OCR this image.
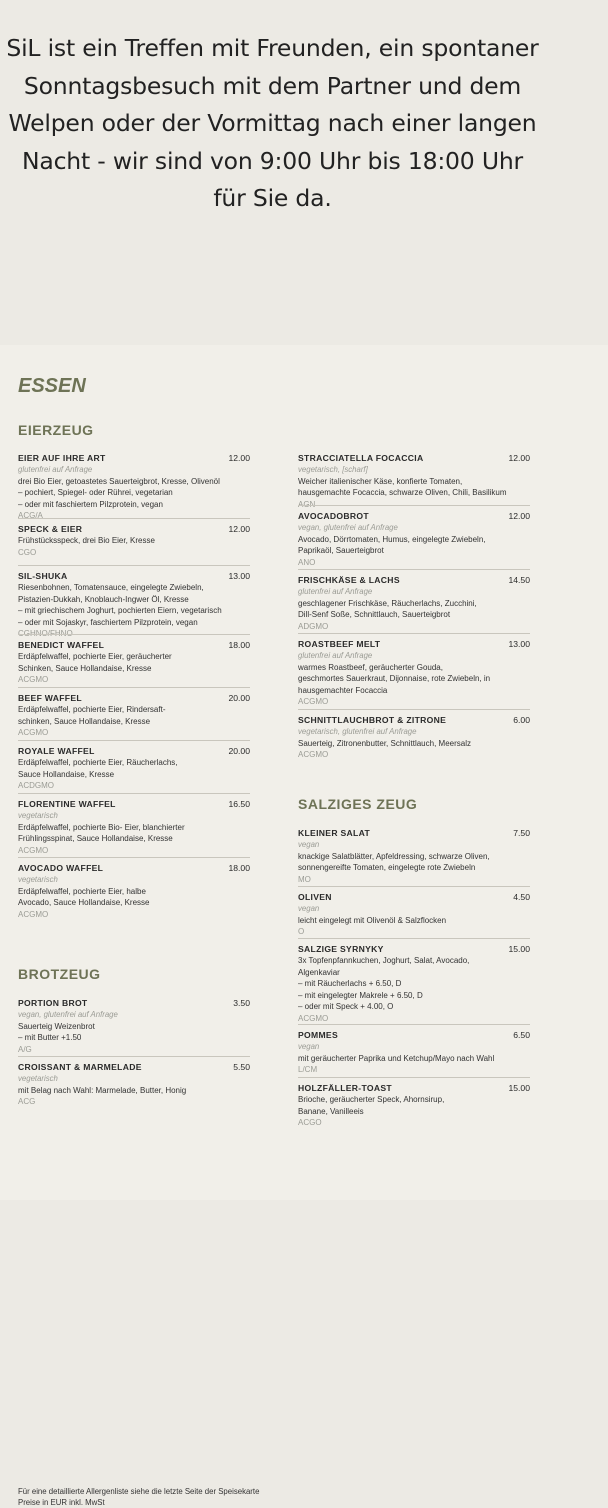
SiL ist ein Treffen mit Freunden, ein spontaner
Sonntagsbesuch mit dem Partner und dem
Welpen oder der Vormittag nach einer langen
Nacht - wir sind von 9:00 Uhr bis 18:00 Uhr
für Sie da.
ESSEN
EIERZEUG
BROTZEUG
SALZIGES ZEUG
EIER AUF IHRE ART	12.00
glutenfrei auf Anfrage
drei Bio Eier, getoastetes Sauerteigbrot, Kresse, Olivenöl
– pochiert, Spiegel- oder Rührei, vegetarian
– oder mit faschiertem Pilzprotein, vegan
ACG/A
SPECK & EIER	12.00
Frühstücksspeck, drei Bio Eier, Kresse
CGO
SIL-SHUKA	13.00
Riesenbohnen, Tomatensauce, eingelegte Zwiebeln,
Pistazien-Dukkah, Knoblauch-Ingwer Öl, Kresse
– mit griechischem Joghurt, pochierten Eiern, vegetarisch
– oder mit Sojaskyr, faschiertem Pilzprotein, vegan
CGHNO/FHNO
BENEDICT WAFFEL	18.00
Erdäpfelwaffel, pochierte Eier, geräucherter
Schinken, Sauce Hollandaise, Kresse
ACGMO
BEEF WAFFEL	20.00
Erdäpfelwaffel, pochierte Eier, Rindersaft-
schinken, Sauce Hollandaise, Kresse
ACGMO
ROYALE WAFFEL	20.00
Erdäpfelwaffel, pochierte Eier, Räucherlachs,
Sauce Hollandaise, Kresse
ACDGMO
FLORENTINE WAFFEL	16.50
vegetarisch
Erdäpfelwaffel, pochierte Bio- Eier, blanchierter
Frühlingsspinat, Sauce Hollandaise, Kresse
ACGMO
AVOCADO WAFFEL	18.00
vegetarisch
Erdäpfelwaffel, pochierte Eier, halbe
Avocado, Sauce Hollandaise, Kresse
ACGMO
PORTION BROT	3.50
vegan, glutenfrei auf Anfrage
Sauerteig Weizenbrot
– mit Butter +1.50
A/G
CROISSANT & MARMELADE	5.50
vegetarisch
mit Belag nach Wahl: Marmelade, Butter, Honig
ACG
STRACCIATELLA FOCACCIA	12.00
vegetarisch, [scharf]
Weicher italienischer Käse, konfierte Tomaten,
hausgemachte Focaccia, schwarze Oliven, Chili, Basilikum
AGN
AVOCADOBROT	12.00
vegan, glutenfrei auf Anfrage
Avocado, Dörrtomaten, Humus, eingelegte Zwiebeln,
Paprikaöl, Sauerteigbrot
ANO
FRISCHKÄSE & LACHS	14.50
glutenfrei auf Anfrage
geschlagener Frischkäse, Räucherlachs, Zucchini,
Dill-Senf Soße, Schnittlauch, Sauerteigbrot
ADGMO
ROASTBEEF MELT	13.00
glutenfrei auf Anfrage
warmes Roastbeef, geräucherter Gouda,
geschmortes Sauerkraut, Dijonnaise, rote Zwiebeln, in
hausgemachter Focaccia
ACGMO
SCHNITTLAUCHBROT & ZITRONE	6.00
vegetarisch, glutenfrei auf Anfrage
Sauerteig, Zitronenbutter, Schnittlauch, Meersalz
ACGMO
KLEINER SALAT	7.50
vegan
knackige Salatblätter, Apfeldressing, schwarze Oliven,
sonnengereifte Tomaten, eingelegte rote Zwiebeln
MO
OLIVEN	4.50
vegan
leicht eingelegt mit Olivenöl & Salzflocken
O
SALZIGE SYRNYKY	15.00
3x Topfenpfannkuchen, Joghurt, Salat, Avocado,
Algenkaviar
– mit Räucherlachs + 6.50, D
– mit eingelegter Makrele + 6.50, D
– oder mit Speck + 4.00, O
ACGMO
POMMES	6.50
vegan
mit geräucherter Paprika und Ketchup/Mayo nach Wahl
L/CM
HOLZFÄLLER-TOAST	15.00
Brioche, geräucherter Speck, Ahornsirup,
Banane, Vanilleeis
ACGO
Für eine detaillierte Allergenliste siehe die letzte Seite der Speisekarte
Preise in EUR inkl. MwSt
